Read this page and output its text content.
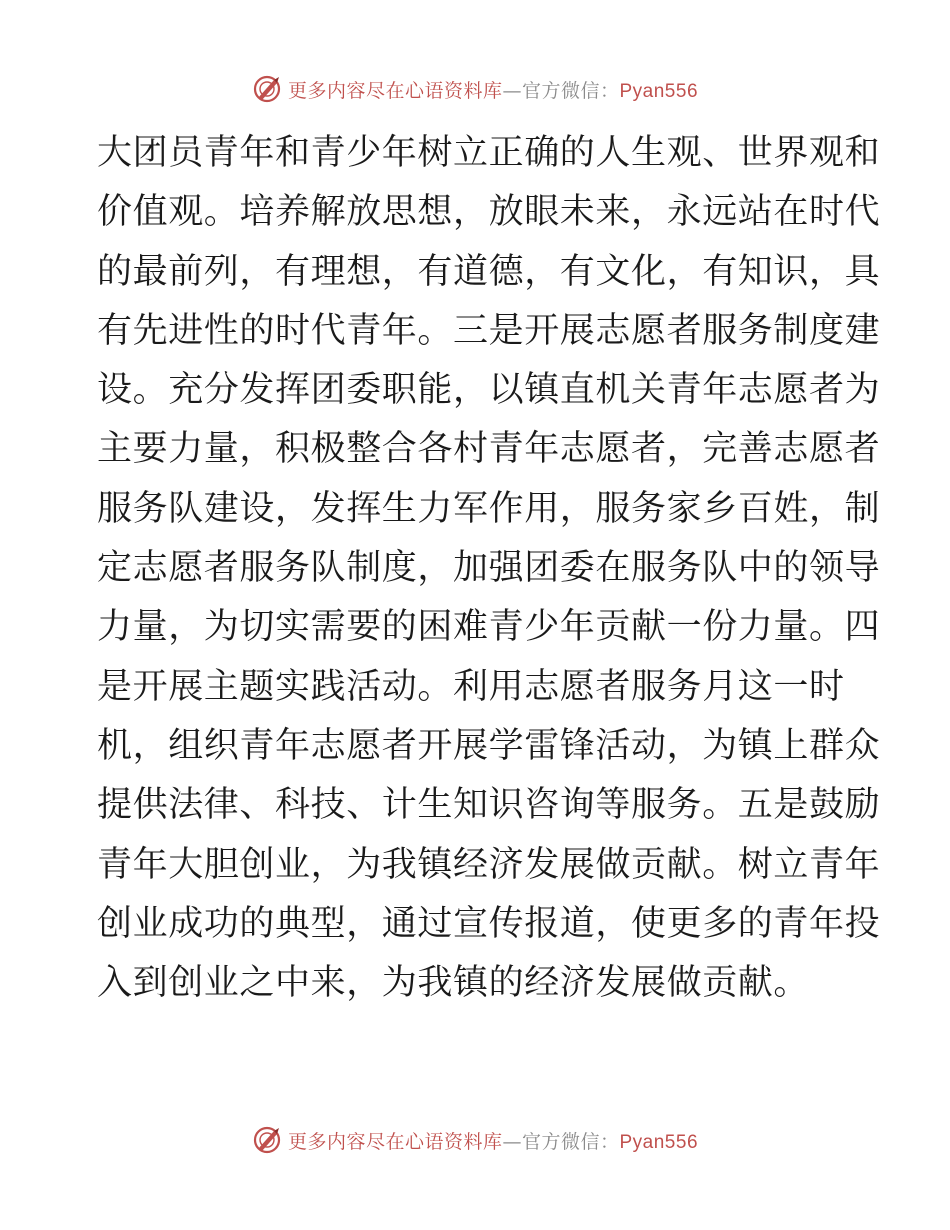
更多内容尽在心语资料库—官方微信：Pyan556
大团员青年和青少年树立正确的人生观、世界观和
价值观。培养解放思想，放眼未来，永远站在时代
的最前列，有理想，有道德，有文化，有知识，具
有先进性的时代青年。三是开展志愿者服务制度建
设。充分发挥团委职能，以镇直机关青年志愿者为
主要力量，积极整合各村青年志愿者，完善志愿者
服务队建设，发挥生力军作用，服务家乡百姓，制
定志愿者服务队制度，加强团委在服务队中的领导
力量，为切实需要的困难青少年贡献一份力量。四
是开展主题实践活动。利用志愿者服务月这一时
机，组织青年志愿者开展学雷锋活动，为镇上群众
提供法律、科技、计生知识咨询等服务。五是鼓励
青年大胆创业，为我镇经济发展做贡献。树立青年
创业成功的典型，通过宣传报道，使更多的青年投
入到创业之中来，为我镇的经济发展做贡献。
更多内容尽在心语资料库—官方微信：Pyan556
